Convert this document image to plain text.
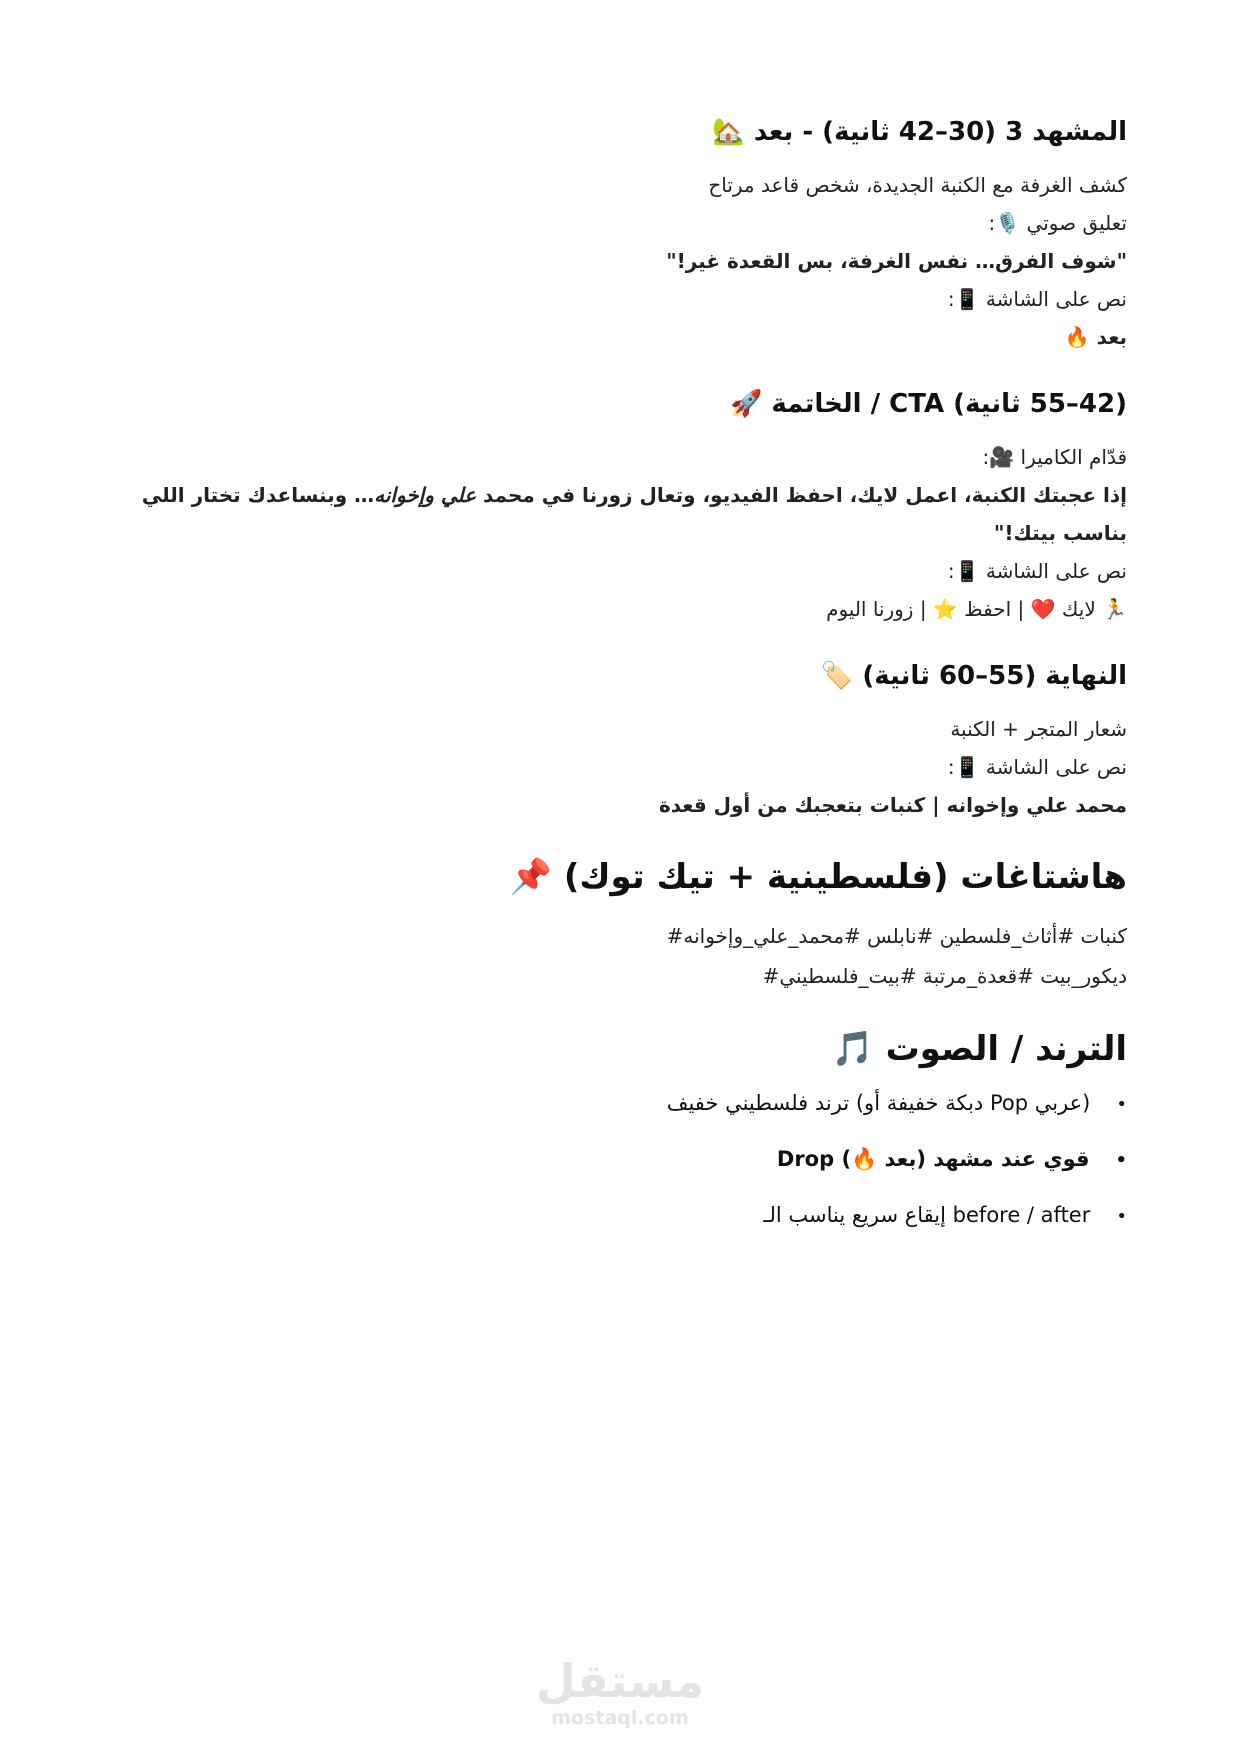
المشهد 3 (30–42 ثانية) - بعد 🏡

كشف الغرفة مع الكنبة الجديدة، شخص قاعد مرتاح

تعليق صوتي 🎙️:

"شوف الفرق… نفس الغرفة، بس القعدة غير!"

نص على الشاشة 📱:

بعد 🔥

(42–55 ثانية) CTA / الخاتمة 🚀

قدّام الكاميرا 🎥:

إذا عجبتك الكنبة، اعمل لايك، احفظ الفيديو، وتعال زورنا في محمد علي وإخوانه… وبنساعدك تختار اللي بناسب بيتك!"

نص على الشاشة 📱:

🏃 لايك ❤️ | احفظ ⭐ | زورنا اليوم

النهاية (55–60 ثانية) 🏷️

شعار المتجر + الكنبة

نص على الشاشة 📱:

محمد علي وإخوانه | كنبات بتعجبك من أول قعدة

هاشتاغات (فلسطينية + تيك توك) 📌
كنبات #أثاث_فلسطين #نابلس #محمد_علي_وإخوانه#
ديكور_بيت #قعدة_مرتبة #بيت_فلسطيني#
الترند / الصوت 🎵
•(عربي Pop دبكة خفيفة أو) ترند فلسطيني خفيف
•قوي عند مشهد (بعد 🔥) Drop
•before / after إيقاع سريع يناسب الـ
مستقل
mostaql.com
